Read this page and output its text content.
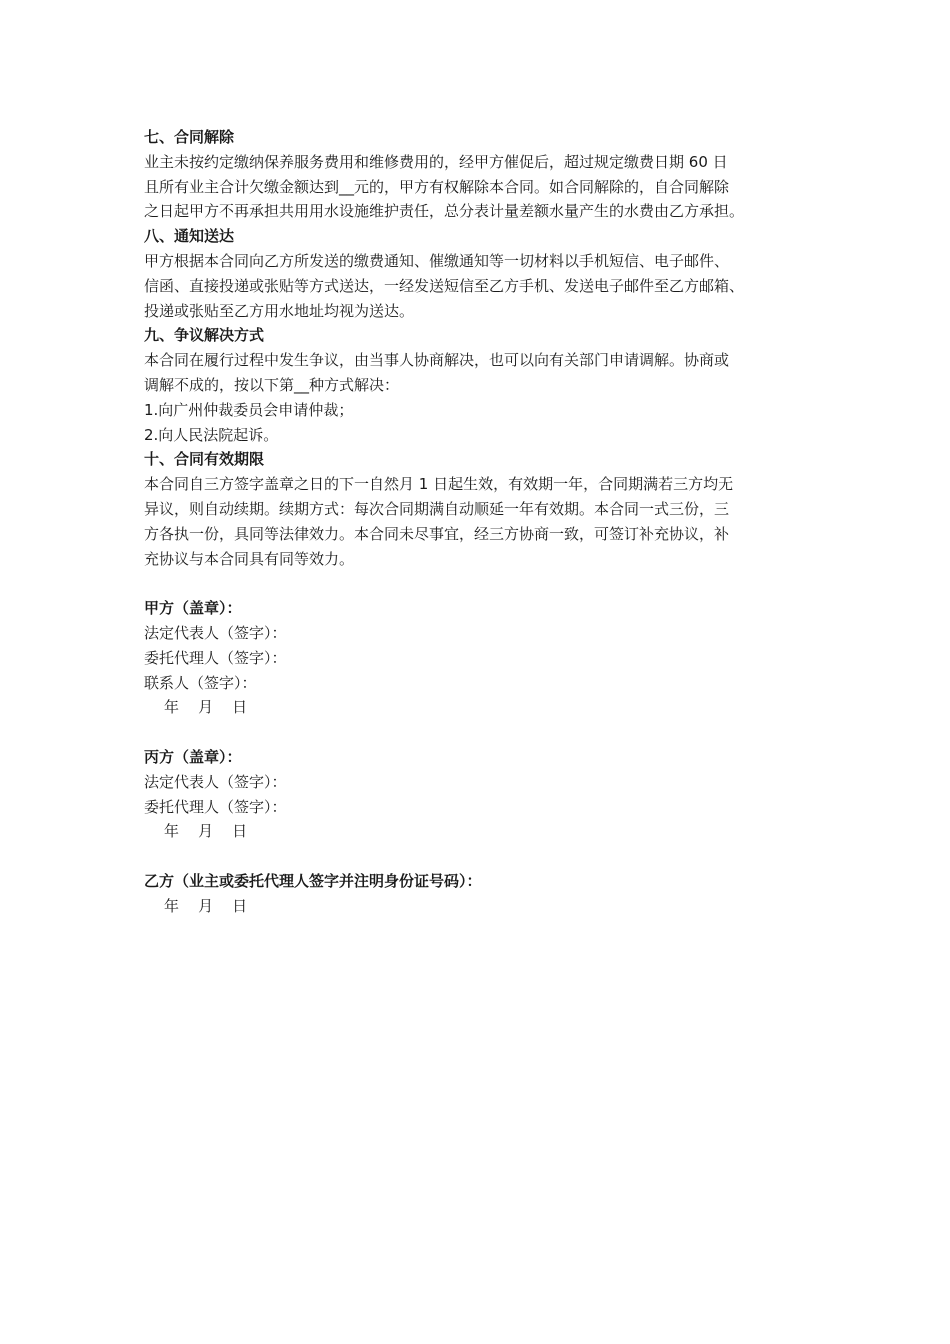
七、合同解除
业主未按约定缴纳保养服务费用和维修费用的，经甲方催促后，超过规定缴费日期 60 日
且所有业主合计欠缴金额达到__元的，甲方有权解除本合同。如合同解除的，自合同解除
之日起甲方不再承担共用用水设施维护责任，总分表计量差额水量产生的水费由乙方承担。
八、通知送达
甲方根据本合同向乙方所发送的缴费通知、催缴通知等一切材料以手机短信、电子邮件、
信函、直接投递或张贴等方式送达，一经发送短信至乙方手机、发送电子邮件至乙方邮箱、
投递或张贴至乙方用水地址均视为送达。
九、争议解决方式
本合同在履行过程中发生争议，由当事人协商解决，也可以向有关部门申请调解。协商或
调解不成的，按以下第__种方式解决：
1.向广州仲裁委员会申请仲裁；
2.向人民法院起诉。
十、合同有效期限
本合同自三方签字盖章之日的下一自然月 1 日起生效，有效期一年，合同期满若三方均无
异议，则自动续期。续期方式：每次合同期满自动顺延一年有效期。本合同一式三份，三
方各执一份，具同等法律效力。本合同未尽事宜，经三方协商一致，可签订补充协议，补
充协议与本合同具有同等效力。
甲方（盖章）：
法定代表人（签字）：
委托代理人（签字）：
联系人（签字）：
年    月    日
丙方（盖章）：
法定代表人（签字）：
委托代理人（签字）：
年    月    日
乙方（业主或委托代理人签字并注明身份证号码）：
年    月    日
